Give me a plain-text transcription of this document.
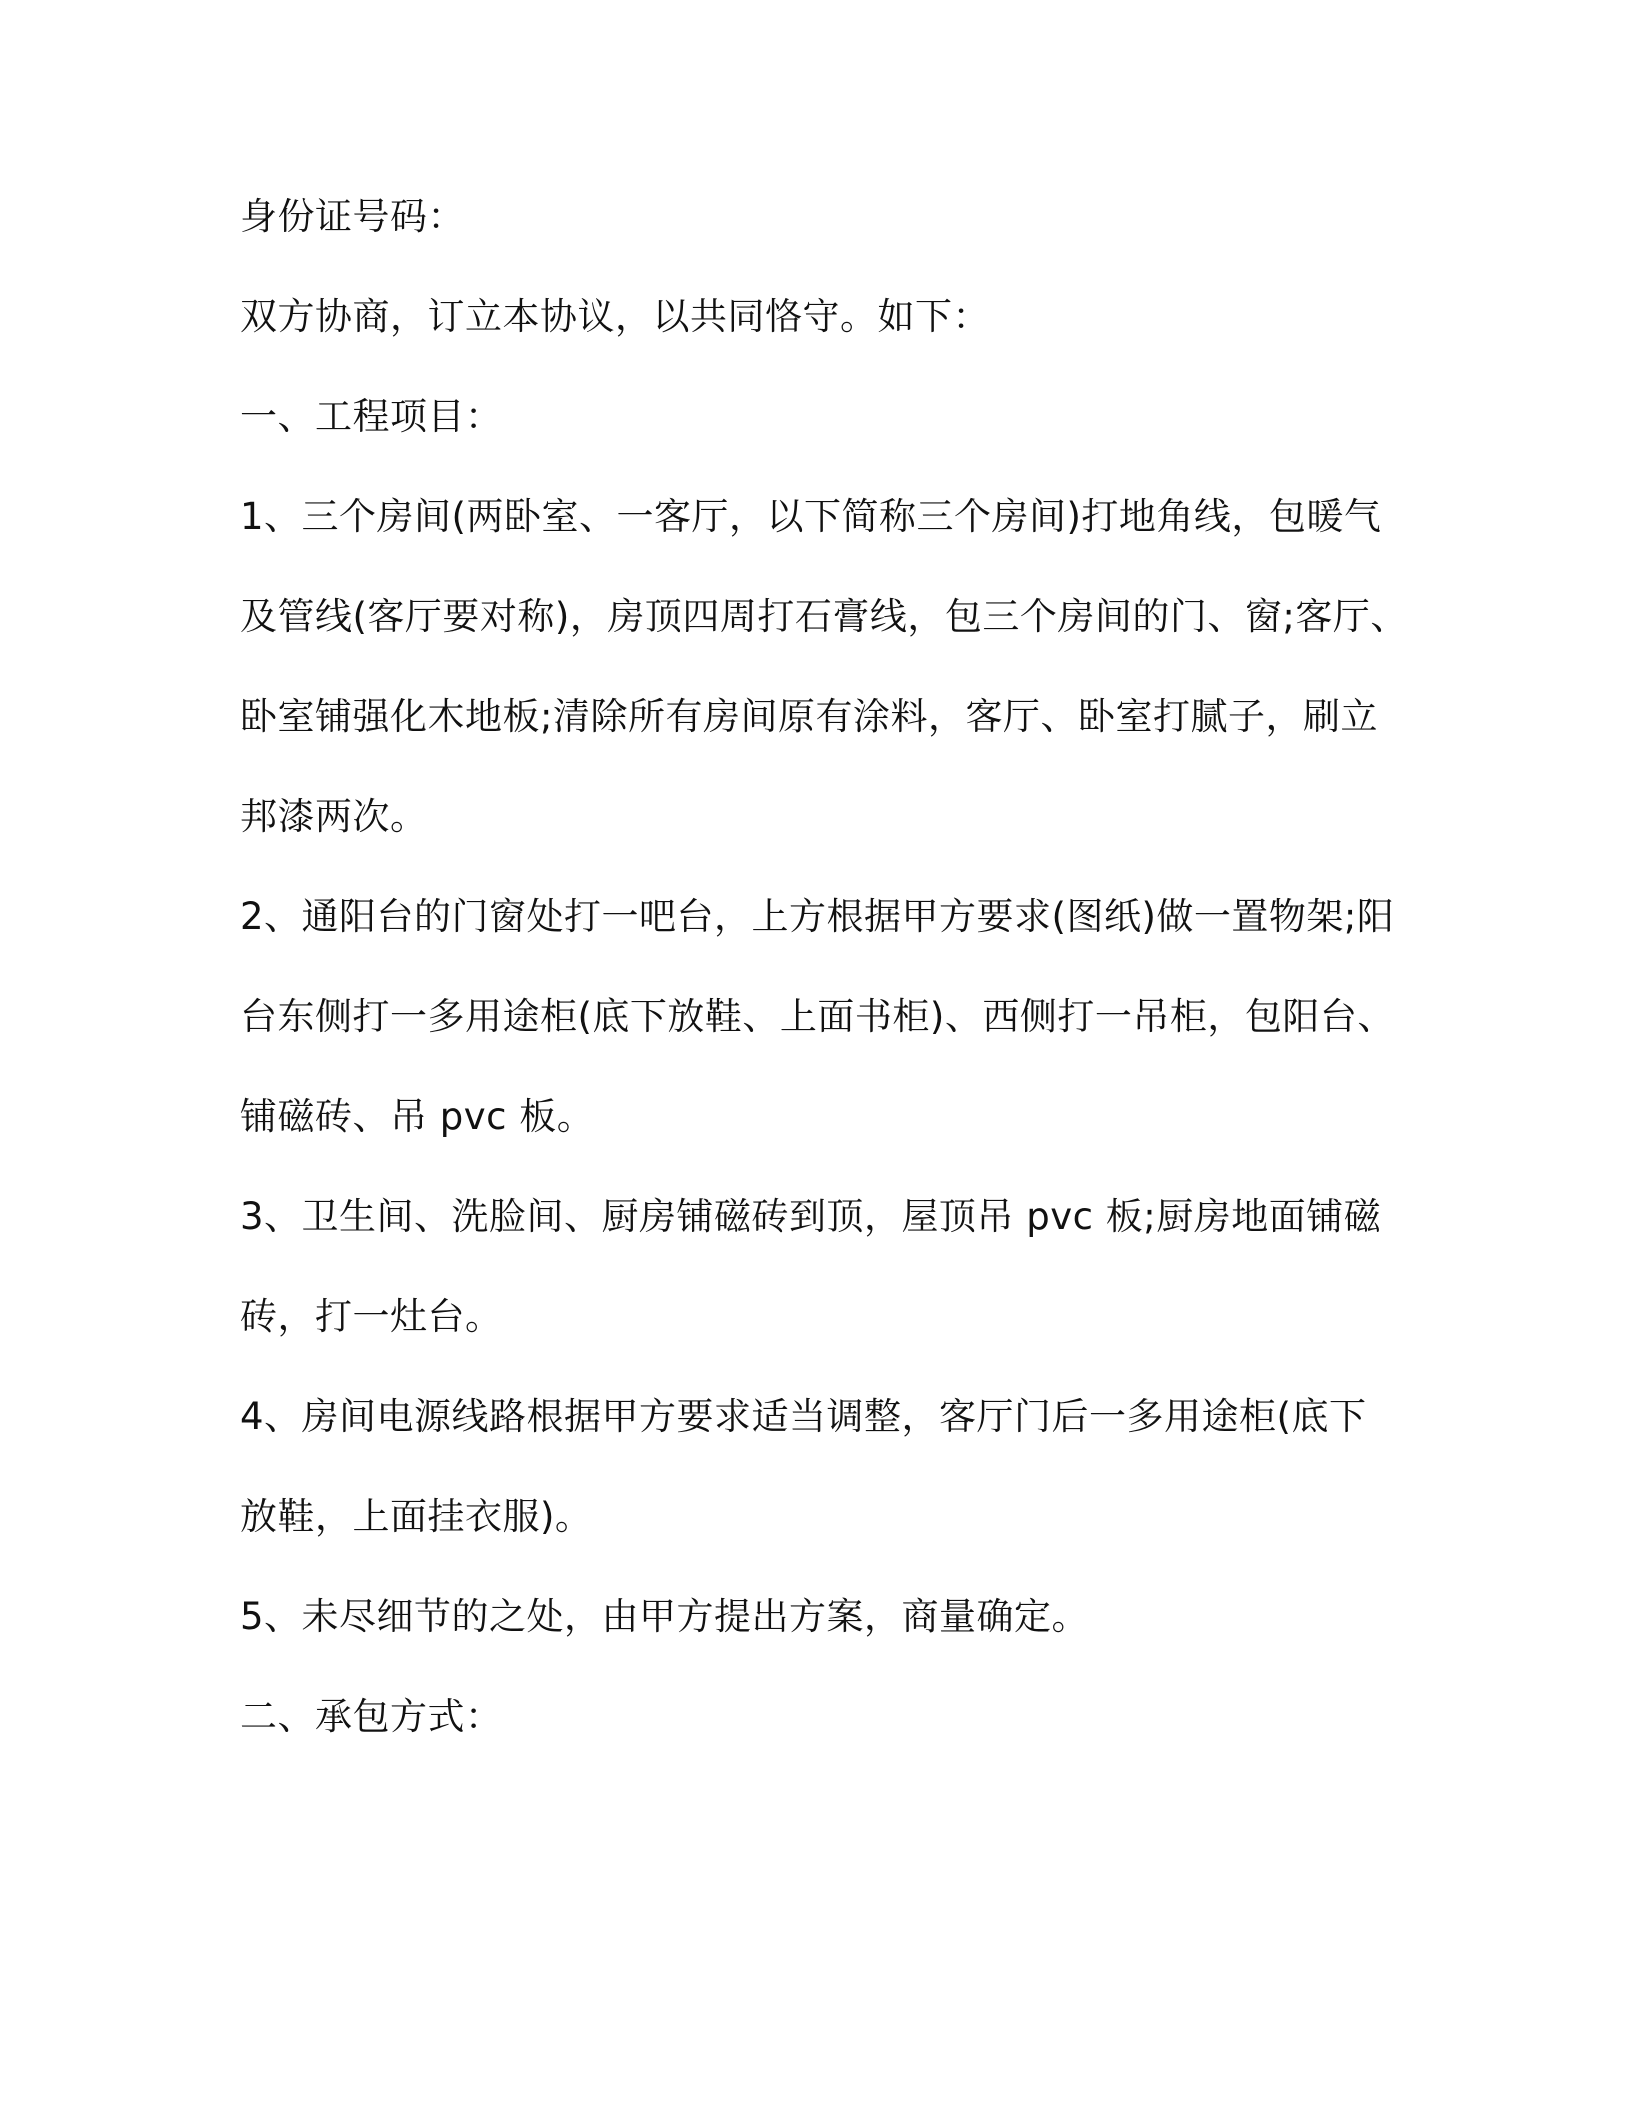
身份证号码：
双方协商，订立本协议，以共同恪守。如下：
一、工程项目：
1、三个房间(两卧室、一客厅，以下简称三个房间)打地角线，包暖气
及管线(客厅要对称)，房顶四周打石膏线，包三个房间的门、窗;客厅、
卧室铺强化木地板;清除所有房间原有涂料，客厅、卧室打腻子，刷立
邦漆两次。
2、通阳台的门窗处打一吧台，上方根据甲方要求(图纸)做一置物架;阳
台东侧打一多用途柜(底下放鞋、上面书柜)、西侧打一吊柜，包阳台、
铺磁砖、吊 pvc 板。
3、卫生间、洗脸间、厨房铺磁砖到顶，屋顶吊 pvc 板;厨房地面铺磁
砖，打一灶台。
4、房间电源线路根据甲方要求适当调整，客厅门后一多用途柜(底下
放鞋，上面挂衣服)。
5、未尽细节的之处，由甲方提出方案，商量确定。
二、承包方式：
